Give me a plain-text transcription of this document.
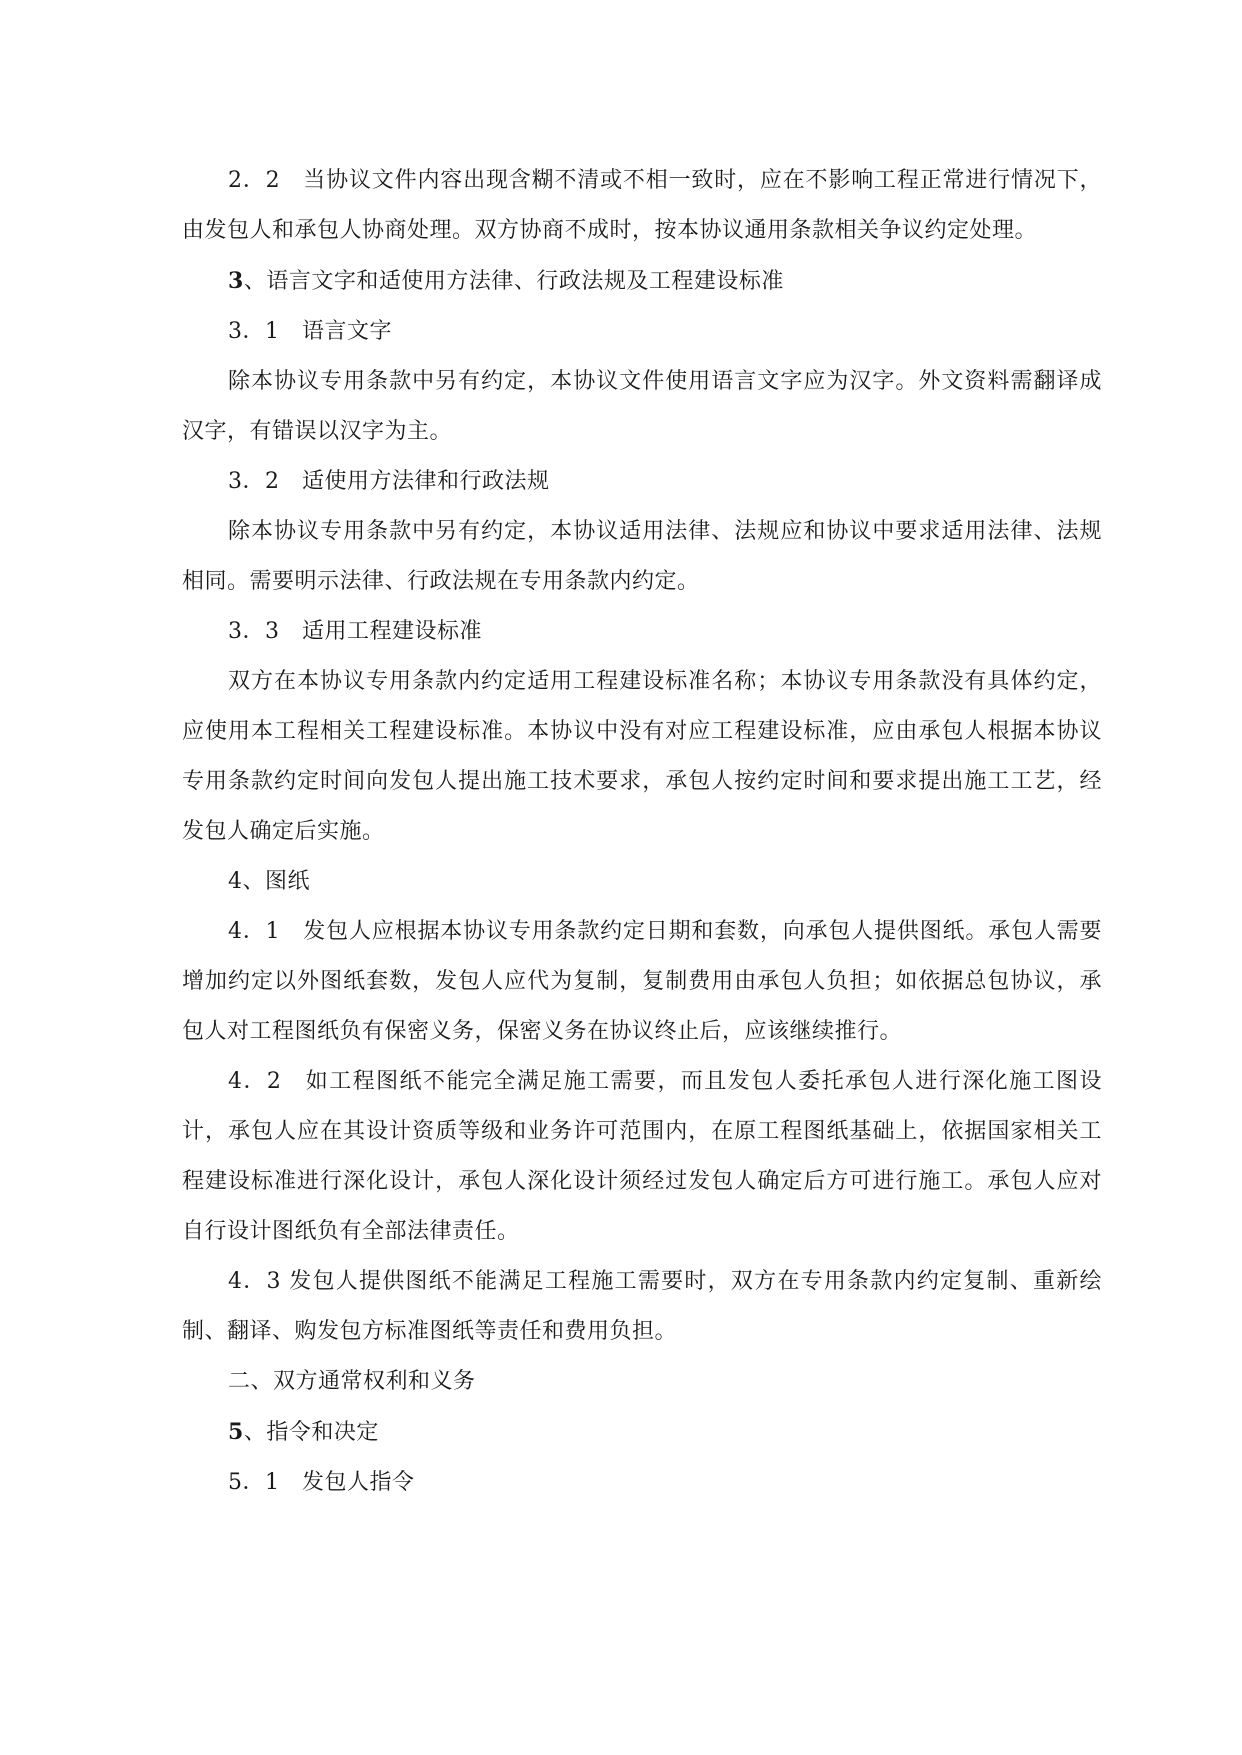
2．2　当协议文件内容出现含糊不清或不相一致时，应在不影响工程正常进行情况下，由发包人和承包人协商处理。双方协商不成时，按本协议通用条款相关争议约定处理。

3、语言文字和适使用方法律、行政法规及工程建设标准

3．1　语言文字

除本协议专用条款中另有约定，本协议文件使用语言文字应为汉字。外文资料需翻译成汉字，有错误以汉字为主。

3．2　适使用方法律和行政法规

除本协议专用条款中另有约定，本协议适用法律、法规应和协议中要求适用法律、法规相同。需要明示法律、行政法规在专用条款内约定。

3．3　适用工程建设标准

双方在本协议专用条款内约定适用工程建设标准名称；本协议专用条款没有具体约定，应使用本工程相关工程建设标准。本协议中没有对应工程建设标准，应由承包人根据本协议专用条款约定时间向发包人提出施工技术要求，承包人按约定时间和要求提出施工工艺，经发包人确定后实施。

4、图纸

4．1　发包人应根据本协议专用条款约定日期和套数，向承包人提供图纸。承包人需要增加约定以外图纸套数，发包人应代为复制，复制费用由承包人负担；如依据总包协议，承包人对工程图纸负有保密义务，保密义务在协议终止后，应该继续推行。

4．2　如工程图纸不能完全满足施工需要，而且发包人委托承包人进行深化施工图设计，承包人应在其设计资质等级和业务许可范围内，在原工程图纸基础上，依据国家相关工程建设标准进行深化设计，承包人深化设计须经过发包人确定后方可进行施工。承包人应对自行设计图纸负有全部法律责任。

4．3 发包人提供图纸不能满足工程施工需要时，双方在专用条款内约定复制、重新绘制、翻译、购发包方标准图纸等责任和费用负担。

二、双方通常权利和义务

5、指令和决定

5．1　发包人指令
